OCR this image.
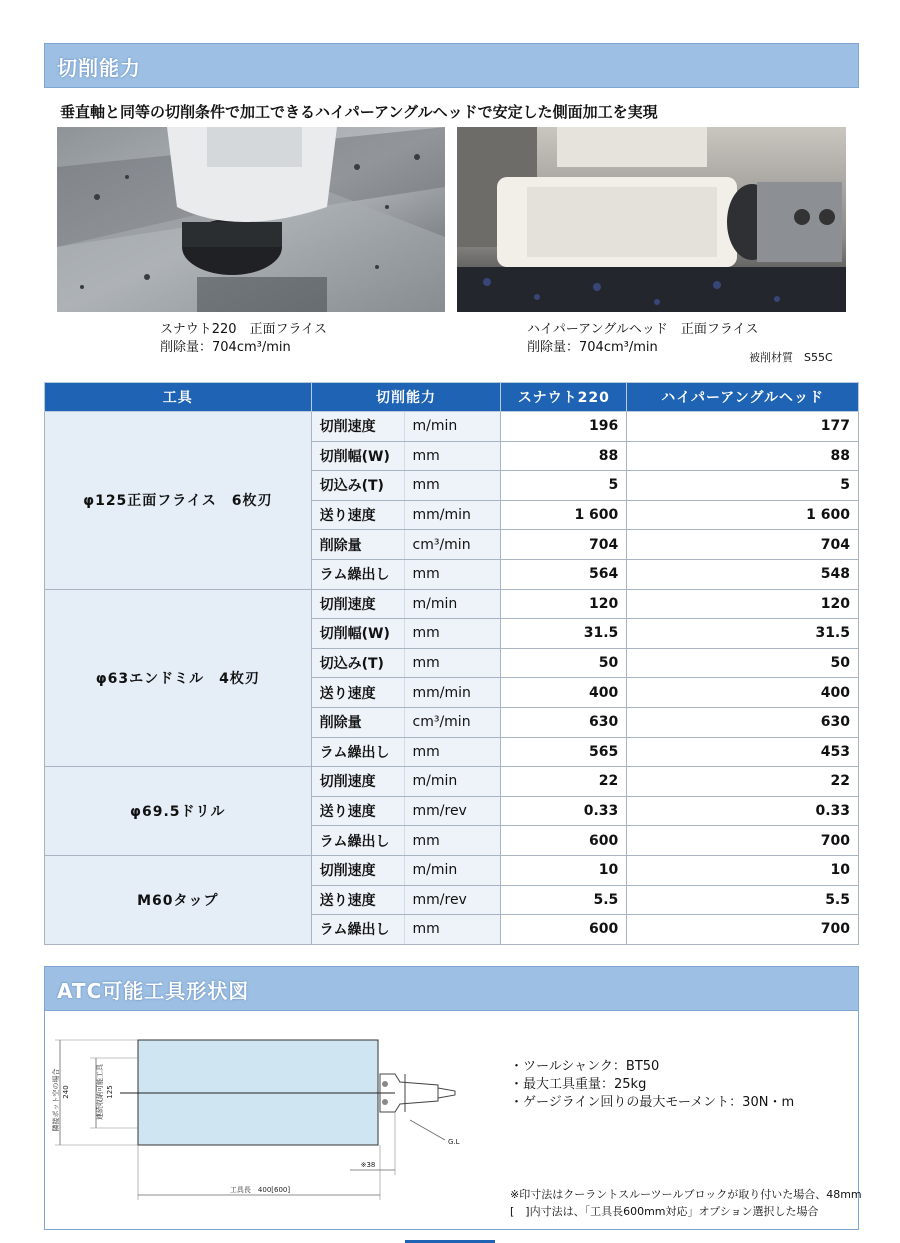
切削能力
垂直軸と同等の切削条件で加工できるハイパーアングルヘッドで安定した側面加工を実現
スナウト220　正面フライス
削除量：704cm³/min
ハイパーアングルヘッド　正面フライス
削除量：704cm³/min
被削材質　S55C
工具	切削能力		スナウト220	ハイパーアングルヘッド
φ125正面フライス　6枚刃	切削速度	m/min	196	177
	切削幅(W)	mm	88	88
	切込み(T)	mm	5	5
	送り速度	mm/min	1 600	1 600
	削除量	cm³/min	704	704
	ラム繰出し	mm	564	548
φ63エンドミル　4枚刃	切削速度	m/min	120	120
	切削幅(W)	mm	31.5	31.5
	切込み(T)	mm	50	50
	送り速度	mm/min	400	400
	削除量	cm³/min	630	630
	ラム繰出し	mm	565	453
φ69.5ドリル	切削速度	m/min	22	22
	送り速度	mm/rev	0.33	0.33
	ラム繰出し	mm	600	700
M60タップ	切削速度	m/min	10	10
	送り速度	mm/rev	5.5	5.5
	ラム繰出し	mm	600	700
ATC可能工具形状図
隣接ポット空の場合 240	連続収納可能工具 125
工具長　400[600]
※38
G.L
・ツールシャンク：BT50
・最大工具重量：25kg
・ゲージライン回りの最大モーメント：30N・m
※印寸法はクーラントスルーツールブロックが取り付いた場合、48mm
[　]内寸法は、「工具長600mm対応」オプション選択した場合
